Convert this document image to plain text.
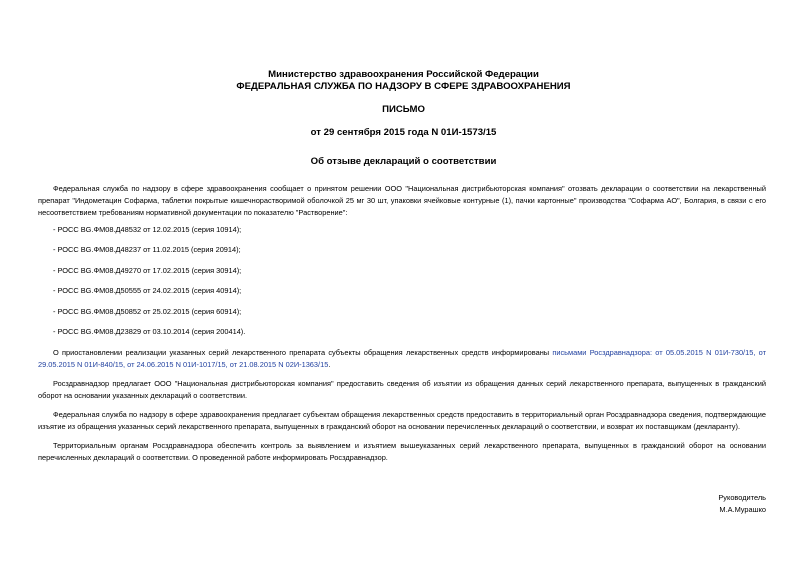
Министерство здравоохранения Российской Федерации
ФЕДЕРАЛЬНАЯ СЛУЖБА ПО НАДЗОРУ В СФЕРЕ ЗДРАВООХРАНЕНИЯ
ПИСЬМО
от 29 сентября 2015 года N 01И-1573/15
Об отзыве деклараций о соответствии
Федеральная служба по надзору в сфере здравоохранения сообщает о принятом решении ООО "Национальная дистрибьюторская компания" отозвать декларации о соответствии на лекарственный препарат "Индометацин Софарма, таблетки покрытые кишечнорастворимой оболочкой 25 мг 30 шт, упаковки ячейковые контурные (1), пачки картонные" производства "Софарма АО", Болгария, в связи с его несоответствием требованиям нормативной документации по показателю "Растворение":
- РОСС BG.ФМ08.Д48532 от 12.02.2015 (серия 10914);
- РОСС BG.ФМ08.Д48237 от 11.02.2015 (серия 20914);
- РОСС BG.ФМ08.Д49270 от 17.02.2015 (серия 30914);
- РОСС BG.ФМ08.Д50555 от 24.02.2015 (серия 40914);
- РОСС BG.ФМ08.Д50852 от 25.02.2015 (серия 60914);
- РОСС BG.ФМ08.Д23829 от 03.10.2014 (серия 200414).
О приостановлении реализации указанных серий лекарственного препарата субъекты обращения лекарственных средств информированы письмами Росздравнадзора: от 05.05.2015 N 01И-730/15, от 29.05.2015 N 01И-840/15, от 24.06.2015 N 01И-1017/15, от 21.08.2015 N 02И-1363/15.
Росздравнадзор предлагает ООО "Национальная дистрибьюторская компания" предоставить сведения об изъятии из обращения данных серий лекарственного препарата, выпущенных в гражданский оборот на основании указанных деклараций о соответствии.
Федеральная служба по надзору в сфере здравоохранения предлагает субъектам обращения лекарственных средств предоставить в территориальный орган Росздравнадзора сведения, подтверждающие изъятие из обращения указанных серий лекарственного препарата, выпущенных в гражданский оборот на основании перечисленных деклараций о соответствии, и возврат их поставщикам (декларанту).
Территориальным органам Росздравнадзора обеспечить контроль за выявлением и изъятием вышеуказанных серий лекарственного препарата, выпущенных в гражданский оборот на основании перечисленных деклараций о соответствии. О проведенной работе информировать Росздравнадзор.
Руководитель
М.А.Мурашко
